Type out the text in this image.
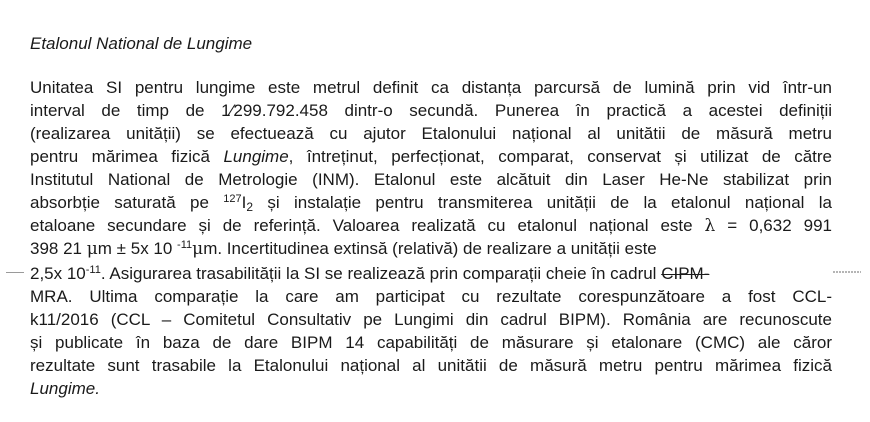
Etalonul National de Lungime
Unitatea SI pentru lungime este metrul definit ca distanța parcursă de lumină prin vid într-un
interval de timp de 1⁄299.792.458 dintr-o secundă. Punerea în practică a acestei definiții
(realizarea unității) se efectuează cu ajutor Etalonului național al unitătii de măsură metru
pentru mărimea fizică Lungime, întreținut, perfecționat, comparat, conservat și utilizat de către
Institutul National de Metrologie (INM). Etalonul este alcătuit din Laser He-Ne stabilizat prin
absorbție saturată pe $^{127}I_2$ și instalație pentru transmiterea unității de la etalonul național la
etaloane secundare și de referință. Valoarea realizată cu etalonul național este λ = 0,632 991
398 21 μm ± 5x 10 $^{-11}$μm. Incertitudinea extinsă (relativă) de realizare a unității este
2,5x $10^{-11}$. Asigurarea trasabilității la SI se realizează prin comparații cheie în cadrul CIPM-
MRA. Ultima comparație la care am participat cu rezultate corespunzătoare a fost CCL-
k11/2016 (CCL – Comitetul Consultativ pe Lungimi din cadrul BIPM). România are recunoscute
și publicate în baza de dare BIPM 14 capabilități de măsurare și etalonare (CMC) ale căror
rezultate sunt trasabile la Etalonului național al unitătii de măsură metru pentru mărimea fizică
Lungime.
